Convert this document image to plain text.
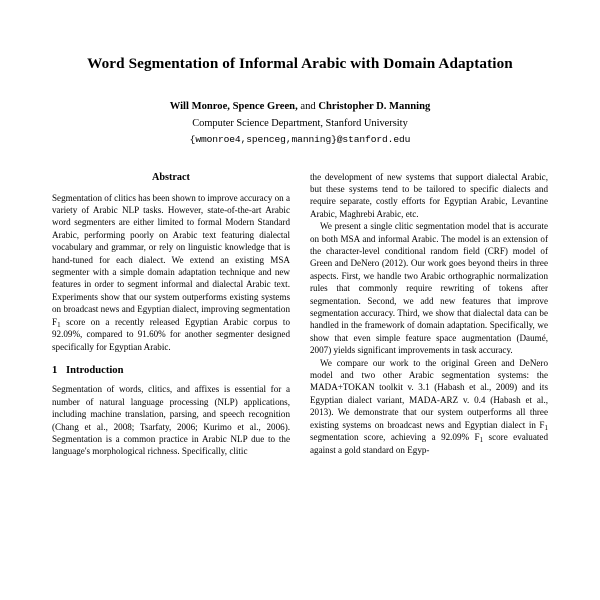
Word Segmentation of Informal Arabic with Domain Adaptation
Will Monroe, Spence Green, and Christopher D. Manning
Computer Science Department, Stanford University
{wmonroe4,spenceg,manning}@stanford.edu
Abstract

Segmentation of clitics has been shown to improve accuracy on a variety of Arabic NLP tasks. However, state-of-the-art Arabic word segmenters are either limited to formal Modern Standard Arabic, performing poorly on Arabic text featuring dialectal vocabulary and grammar, or rely on linguistic knowledge that is hand-tuned for each dialect. We extend an existing MSA segmenter with a simple domain adaptation technique and new features in order to segment informal and dialectal Arabic text. Experiments show that our system outperforms existing systems on broadcast news and Egyptian dialect, improving segmentation $F_1$ score on a recently released Egyptian Arabic corpus to 92.09%, compared to 91.60% for another segmenter designed specifically for Egyptian Arabic.

1 Introduction

Segmentation of words, clitics, and affixes is essential for a number of natural language processing (NLP) applications, including machine translation, parsing, and speech recognition (Chang et al., 2008; Tsarfaty, 2006; Kurimo et al., 2006). Segmentation is a common practice in Arabic NLP due to the language's morphological richness. Specifically, clitic

the development of new systems that support dialectal Arabic, but these systems tend to be tailored to specific dialects and require separate, costly efforts for Egyptian Arabic, Levantine Arabic, Maghrebi Arabic, etc.

We present a single clitic segmentation model that is accurate on both MSA and informal Arabic. The model is an extension of the character-level conditional random field (CRF) model of Green and DeNero (2012). Our work goes beyond theirs in three aspects. First, we handle two Arabic orthographic normalization rules that commonly require rewriting of tokens after segmentation. Second, we add new features that improve segmentation accuracy. Third, we show that dialectal data can be handled in the framework of domain adaptation. Specifically, we show that even simple feature space augmentation (Daumé, 2007) yields significant improvements in task accuracy.

We compare our work to the original Green and DeNero model and two other Arabic segmentation systems: the MADA+TOKAN toolkit v. 3.1 (Habash et al., 2009) and its Egyptian dialect variant, MADA-ARZ v. 0.4 (Habash et al., 2013). We demonstrate that our system outperforms all three existing systems on broadcast news and Egyptian dialect in $F_1$ segmentation score, achieving a 92.09% $F_1$ score evaluated against a gold standard on Egyp-
